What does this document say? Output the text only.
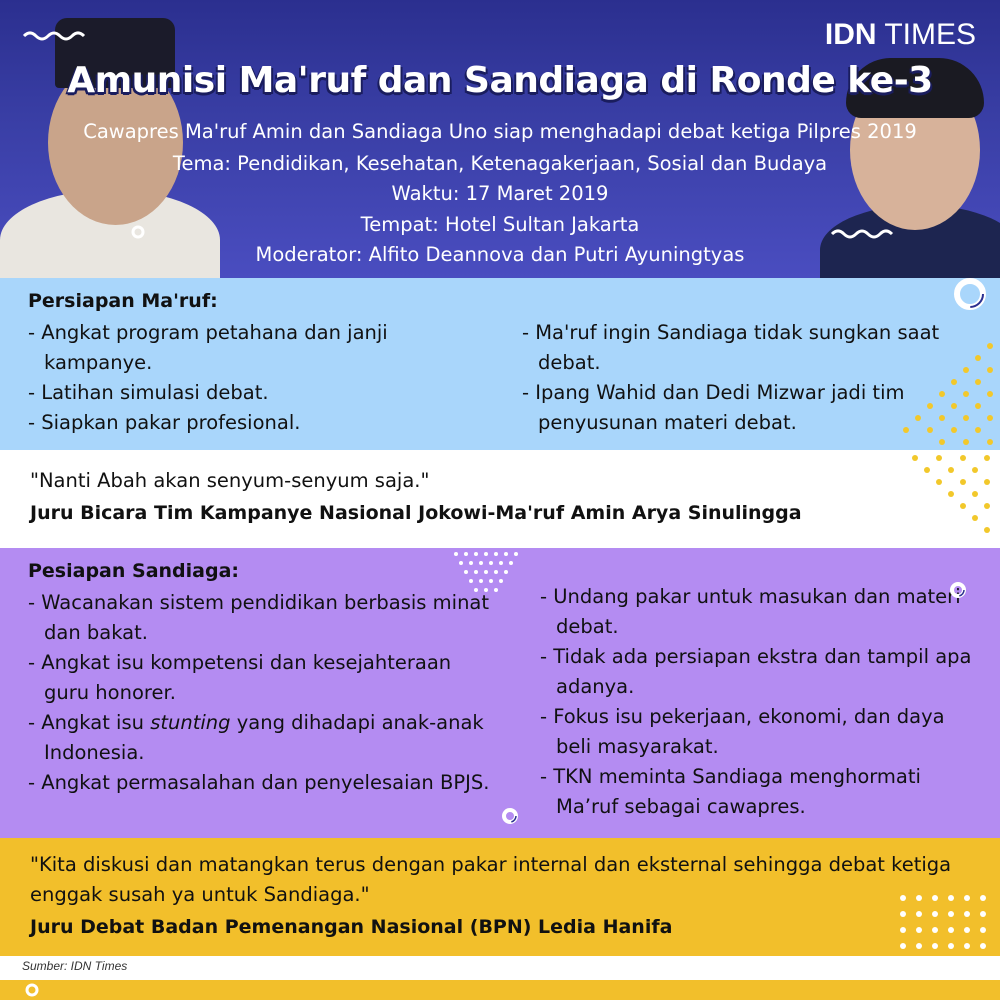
IDN TIMES
Amunisi Ma'ruf dan Sandiaga di Ronde ke-3
Cawapres Ma'ruf Amin dan Sandiaga Uno siap menghadapi debat ketiga Pilpres 2019
Tema: Pendidikan, Kesehatan, Ketenagakerjaan, Sosial dan Budaya
Waktu: 17 Maret 2019
Tempat: Hotel Sultan Jakarta
Moderator: Alfito Deannova dan Putri Ayuningtyas
Persiapan Ma'ruf:
- Angkat program petahana dan janji kampanye.
- Latihan simulasi debat.
- Siapkan pakar profesional.
- Ma'ruf ingin Sandiaga tidak sungkan saat debat.
- Ipang Wahid dan Dedi Mizwar jadi tim penyusunan materi debat.
"Nanti Abah akan senyum-senyum saja."
Juru Bicara Tim Kampanye Nasional Jokowi-Ma'ruf Amin Arya Sinulingga
Pesiapan Sandiaga:
- Wacanakan sistem pendidikan berbasis minat dan bakat.
- Angkat isu kompetensi dan kesejahteraan guru honorer.
- Angkat isu stunting yang dihadapi anak-anak Indonesia.
- Angkat permasalahan dan penyelesaian BPJS.
- Undang pakar untuk masukan dan materi debat.
- Tidak ada persiapan ekstra dan tampil apa adanya.
- Fokus isu pekerjaan, ekonomi, dan daya beli masyarakat.
- TKN meminta Sandiaga menghormati Ma’ruf sebagai cawapres.
"Kita diskusi dan matangkan terus dengan pakar internal dan eksternal sehingga debat ketiga enggak susah ya untuk Sandiaga."
Juru Debat Badan Pemenangan Nasional (BPN) Ledia Hanifa
Sumber: IDN Times
